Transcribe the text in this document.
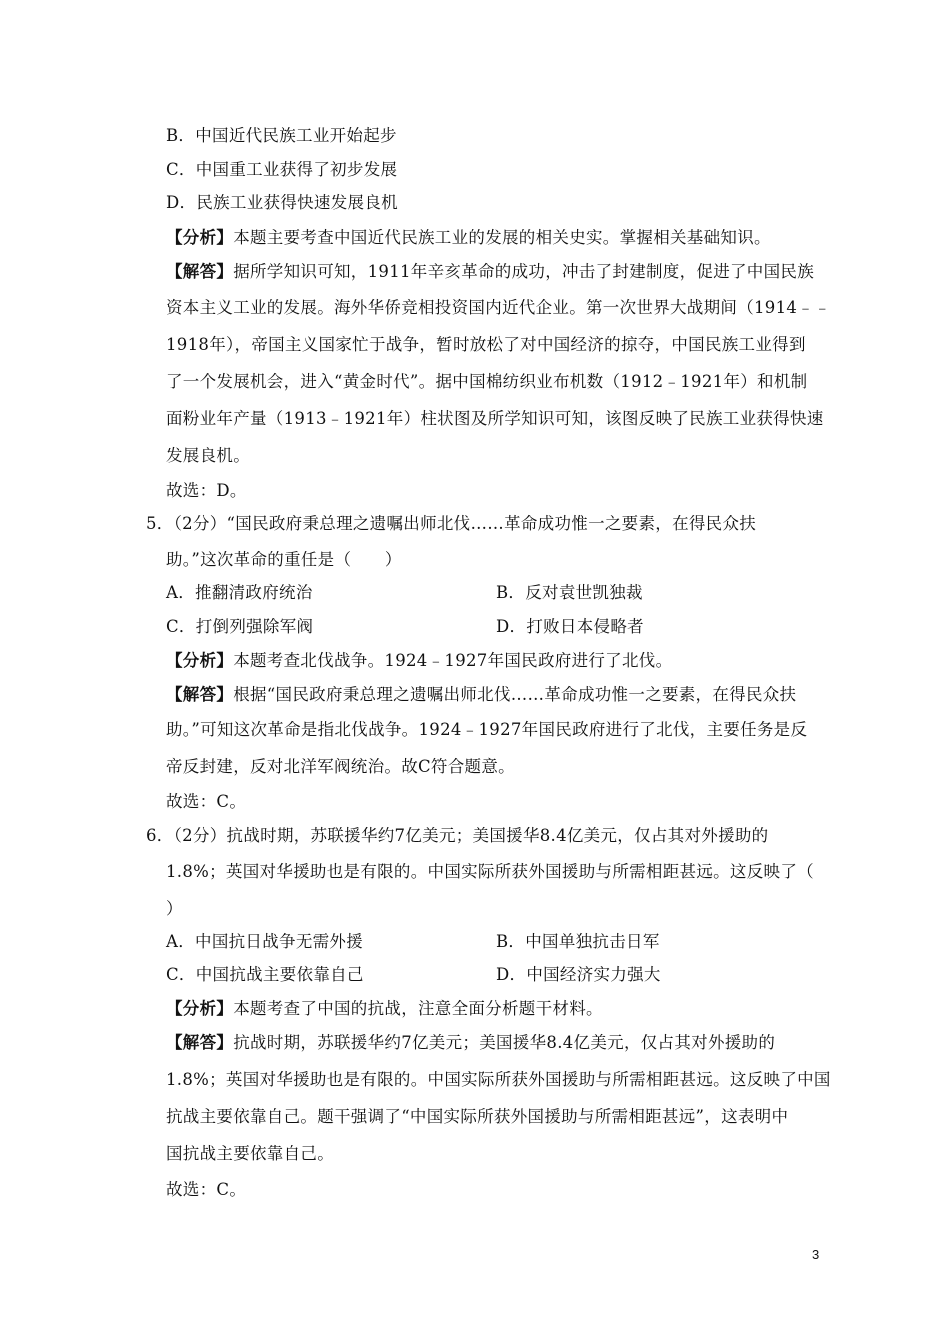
B．中国近代民族工业开始起步
C．中国重工业获得了初步发展
D．民族工业获得快速发展良机
【分析】本题主要考查中国近代民族工业的发展的相关史实。掌握相关基础知识。
【解答】据所学知识可知，1911年辛亥革命的成功，冲击了封建制度，促进了中国民族
资本主义工业的发展。海外华侨竞相投资国内近代企业。第一次世界大战期间（1914﹣﹣
1918年），帝国主义国家忙于战争，暂时放松了对中国经济的掠夺，中国民族工业得到
了一个发展机会，进入“黄金时代”。据中国棉纺织业布机数（1912﹣1921年）和机制
面粉业年产量（1913﹣1921年）柱状图及所学知识可知，该图反映了民族工业获得快速
发展良机。
故选：D。
5．（2分）“国民政府秉总理之遗嘱出师北伐……革命成功惟一之要素，在得民众扶
助。”这次革命的重任是（　　）
A．推翻清政府统治	B．反对袁世凯独裁
C．打倒列强除军阀	D．打败日本侵略者
【分析】本题考查北伐战争。1924﹣1927年国民政府进行了北伐。
【解答】根据“国民政府秉总理之遗嘱出师北伐……革命成功惟一之要素，在得民众扶
助。”可知这次革命是指北伐战争。1924﹣1927年国民政府进行了北伐，主要任务是反
帝反封建，反对北洋军阀统治。故C符合题意。
故选：C。
6．（2分）抗战时期，苏联援华约7亿美元；美国援华8.4亿美元，仅占其对外援助的
1.8%；英国对华援助也是有限的。中国实际所获外国援助与所需相距甚远。这反映了（
）
A．中国抗日战争无需外援	B．中国单独抗击日军
C．中国抗战主要依靠自己	D．中国经济实力强大
【分析】本题考查了中国的抗战，注意全面分析题干材料。
【解答】抗战时期，苏联援华约7亿美元；美国援华8.4亿美元，仅占其对外援助的
1.8%；英国对华援助也是有限的。中国实际所获外国援助与所需相距甚远。这反映了中国
抗战主要依靠自己。题干强调了“中国实际所获外国援助与所需相距甚远”，这表明中
国抗战主要依靠自己。
故选：C。
3
